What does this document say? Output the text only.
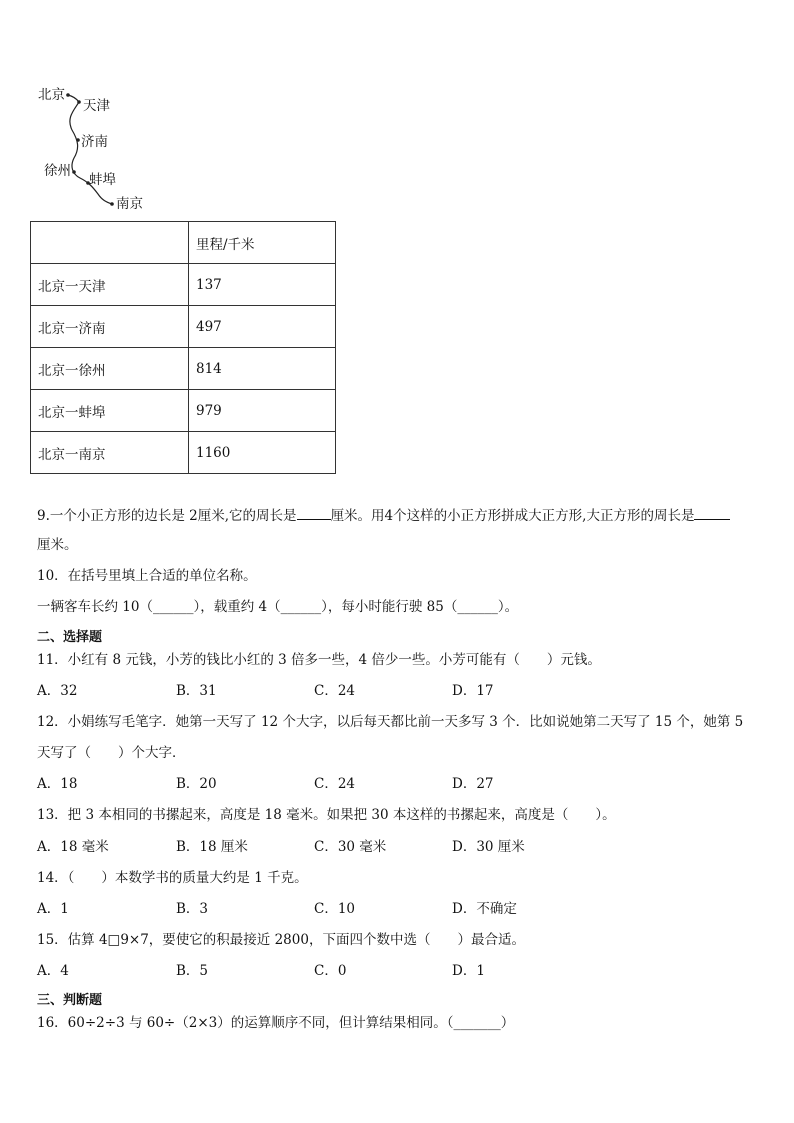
北京
天津
济南
徐州
蚌埠
南京
	里程/千米
北京一天津	137
北京一济南	497
北京一徐州	814
北京一蚌埠	979
北京一南京	1160
9.一个小正方形的边长是 2厘米,它的周长是	厘米。用4个这样的小正方形拼成大正方形,大正方形的周长是
厘米。
10．在括号里填上合适的单位名称。
一辆客车长约 10（______），载重约 4（______），每小时能行驶 85（______）。
二、选择题
11．小红有 8 元钱，小芳的钱比小红的 3 倍多一些，4 倍少一些。小芳可能有（　　）元钱。
A．32	B．31	C．24	D．17
12．小娟练写毛笔字．她第一天写了 12 个大字，以后每天都比前一天多写 3 个．比如说她第二天写了 15 个，她第 5
天写了（　　）个大字．
A．18	B．20	C．24	D．27
13．把 3 本相同的书摞起来，高度是 18 毫米。如果把 30 本这样的书摞起来，高度是（　　）。
A．18 毫米	B．18 厘米	C．30 毫米	D．30 厘米
14．（　　）本数学书的质量大约是 1 千克。
A．1	B．3	C．10	D．不确定
15．估算 4□9×7，要使它的积最接近 2800，下面四个数中选（　　）最合适。
A．4	B．5	C．0	D．1
三、判断题
16．60÷2÷3 与 60÷（2×3）的运算顺序不同，但计算结果相同。（_______）
